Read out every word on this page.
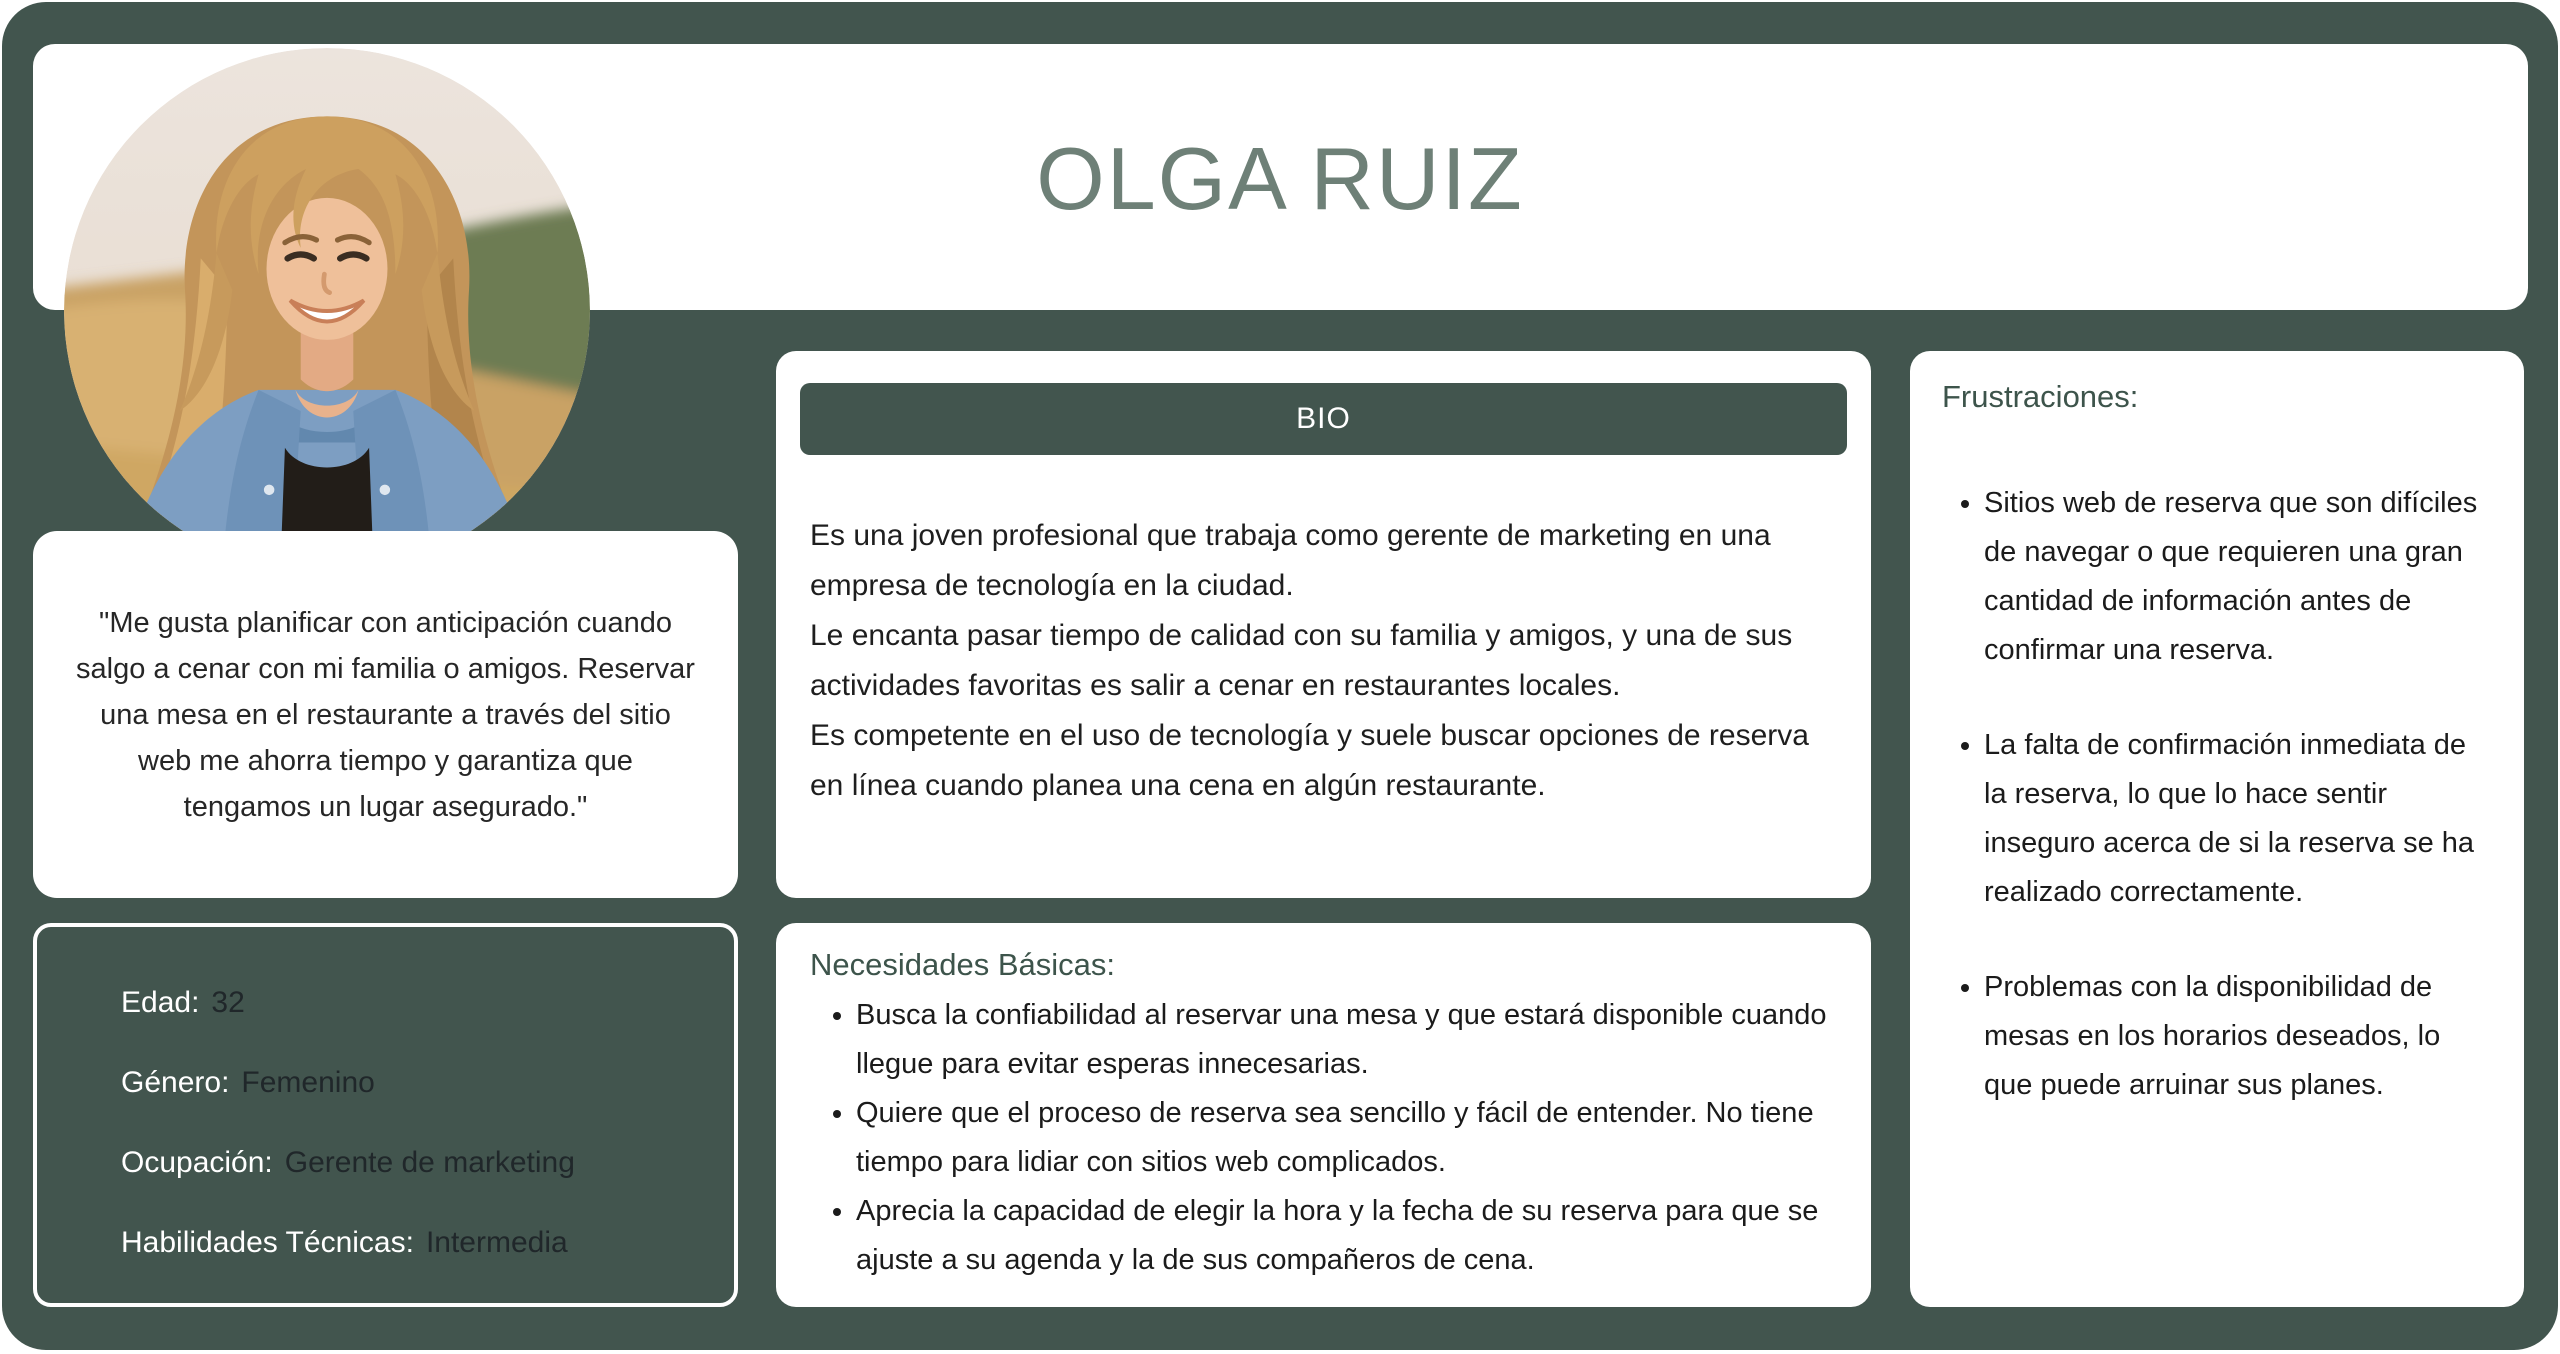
OLGA RUIZ
"Me gusta planificar con anticipación cuando salgo a cenar con mi familia o amigos. Reservar una mesa en el restaurante a través del sitio web me ahorra tiempo y garantiza que tengamos un lugar asegurado."
Edad: 32
Género: Femenino
Ocupación: Gerente de marketing
Habilidades Técnicas: Intermedia
BIO

Es una joven profesional que trabaja como gerente de marketing en una empresa de tecnología en la ciudad.

Le encanta pasar tiempo de calidad con su familia y amigos, y una de sus actividades favoritas es salir a cenar en restaurantes locales.

Es competente en el uso de tecnología y suele buscar opciones de reserva en línea cuando planea una cena en algún restaurante.

Necesidades Básicas:
• Busca la confiabilidad al reservar una mesa y que estará disponible cuando llegue para evitar esperas innecesarias.
• Quiere que el proceso de reserva sea sencillo y fácil de entender. No tiene tiempo para lidiar con sitios web complicados.
• Aprecia la capacidad de elegir la hora y la fecha de su reserva para que se ajuste a su agenda y la de sus compañeros de cena.
Frustraciones:
• Sitios web de reserva que son difíciles de navegar o que requieren una gran cantidad de información antes de confirmar una reserva.
• La falta de confirmación inmediata de la reserva, lo que lo hace sentir inseguro acerca de si la reserva se ha realizado correctamente.
• Problemas con la disponibilidad de mesas en los horarios deseados, lo que puede arruinar sus planes.
